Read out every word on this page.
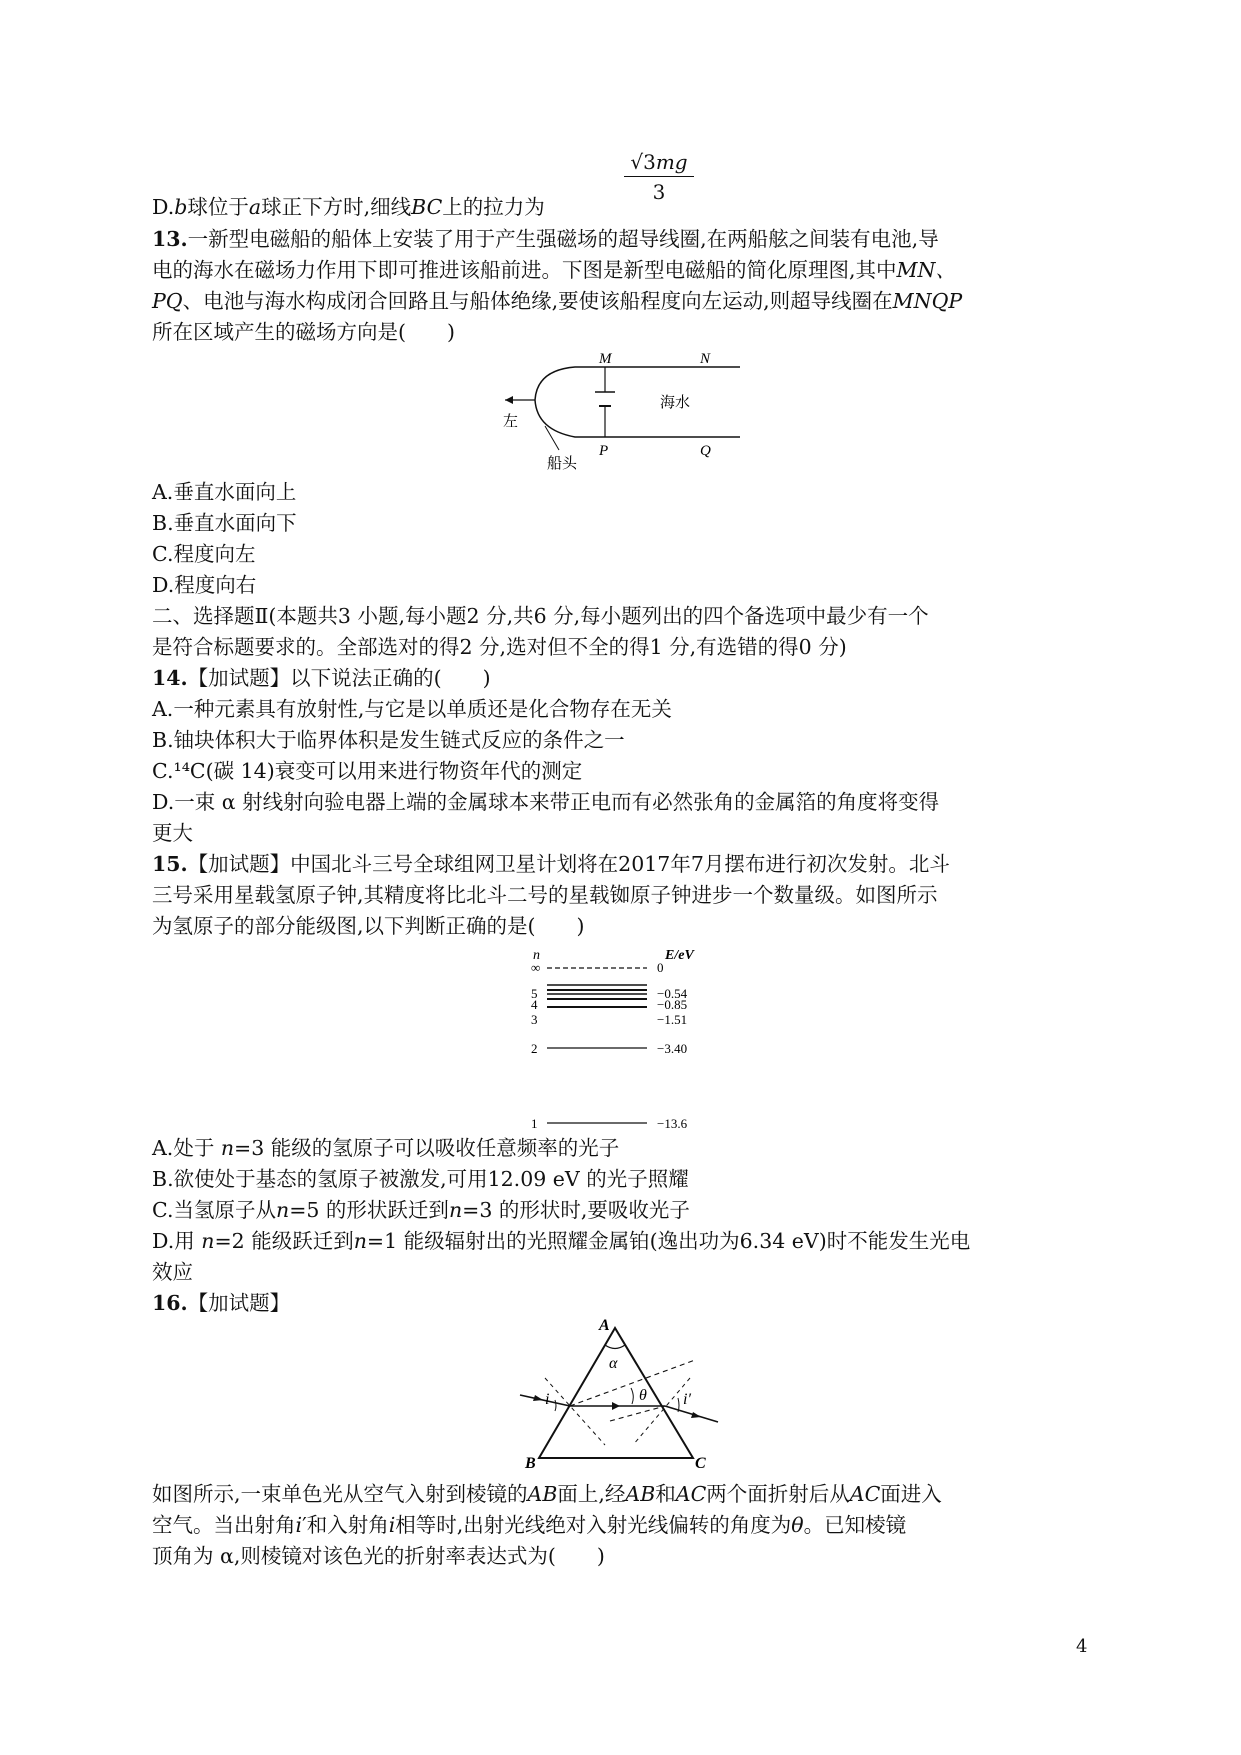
$\frac{√3mg}{3}$
D.b球位于a球正下方时,细线BC上的拉力为
13.一新型电磁船的船体上安装了用于产生强磁场的超导线圈,在两船舷之间装有电池,导
电的海水在磁场力作用下即可推进该船前进。下图是新型电磁船的简化原理图,其中MN、
PQ、电池与海水构成闭合回路且与船体绝缘,要使该船程度向左运动,则超导线圈在MNQP
所在区域产生的磁场方向是(　　)
M	N
P	Q
海水
左
船头
A.垂直水面向上
B.垂直水面向下
C.程度向左
D.程度向右
二、选择题Ⅱ(本题共3 小题,每小题2 分,共6 分,每小题列出的四个备选项中最少有一个
是符合标题要求的。全部选对的得2 分,选对但不全的得1 分,有选错的得0 分)
14.【加试题】以下说法正确的(　　)
A.一种元素具有放射性,与它是以单质还是化合物存在无关
B.铀块体积大于临界体积是发生链式反应的条件之一
C.¹⁴C(碳 14)衰变可以用来进行物资年代的测定
D.一束 α 射线射向验电器上端的金属球本来带正电而有必然张角的金属箔的角度将变得
更大
15.【加试题】中国北斗三号全球组网卫星计划将在2017年7月摆布进行初次发射。北斗
三号采用星载氢原子钟,其精度将比北斗二号的星载铷原子钟进步一个数量级。如图所示
为氢原子的部分能级图,以下判断正确的是(　　)
n	E/eV
∞	0
5	−0.54
4	−0.85
3	−1.51
2	−3.40
1	−13.6
A.处于 n=3 能级的氢原子可以吸收任意频率的光子
B.欲使处于基态的氢原子被激发,可用12.09 eV 的光子照耀
C.当氢原子从n=5 的形状跃迁到n=3 的形状时,要吸收光子
D.用 n=2 能级跃迁到n=1 能级辐射出的光照耀金属铂(逸出功为6.34 eV)时不能发生光电
效应
16.【加试题】
A
B	C
α
θ
i	i′
如图所示,一束单色光从空气入射到棱镜的AB面上,经AB和AC两个面折射后从AC面进入
空气。当出射角i′和入射角i相等时,出射光线绝对入射光线偏转的角度为θ。已知棱镜
顶角为 α,则棱镜对该色光的折射率表达式为(　　)
4
